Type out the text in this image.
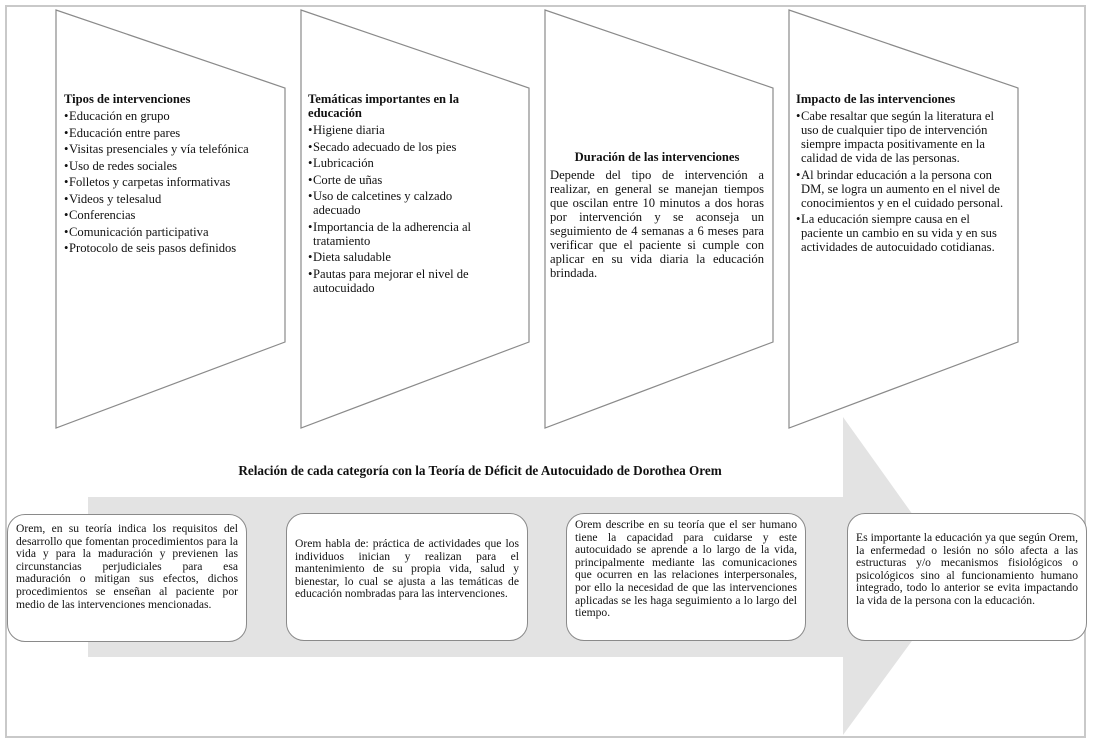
Tipos de intervenciones

• Educación en grupo
• Educación entre pares
• Visitas presenciales y vía telefónica
• Uso de redes sociales
• Folletos y carpetas informativas
• Videos y telesalud
• Conferencias
• Comunicación participativa
• Protocolo de seis pasos definidos

Temáticas importantes en la educación

• Higiene diaria
• Secado adecuado de los pies
• Lubricación
• Corte de uñas
• Uso de calcetines y calzado adecuado
• Importancia de la adherencia al tratamiento
• Dieta saludable
• Pautas para mejorar el nivel de autocuidado

Duración de las intervenciones

Depende del tipo de intervención a realizar, en general se manejan tiempos que oscilan entre 10 minutos a dos horas por intervención y se aconseja un seguimiento de 4 semanas a 6 meses para verificar que el paciente si cumple con aplicar en su vida diaria la educación brindada.

Impacto de las intervenciones

• Cabe resaltar que según la literatura el uso de cualquier tipo de intervención siempre impacta positivamente en la calidad de vida de las personas.
• Al brindar educación a la persona con DM, se logra un aumento en el nivel de conocimientos y en el cuidado personal.
• La educación siempre causa en el paciente un cambio en su vida y en sus actividades de autocuidado cotidianas.
Relación de cada categoría con la Teoría de Déficit de Autocuidado de Dorothea Orem
Orem, en su teoría indica los requisitos del desarrollo que fomentan procedimientos para la vida y para la maduración y previenen las circunstancias perjudiciales para esa maduración o mitigan sus efectos, dichos procedimientos se enseñan al paciente por medio de las intervenciones mencionadas.
Orem habla de: práctica de actividades que los individuos inician y realizan para el mantenimiento de su propia vida, salud y bienestar, lo cual se ajusta a las temáticas de educación nombradas para las intervenciones.
Orem describe en su teoría que el ser humano tiene la capacidad para cuidarse y este autocuidado se aprende a lo largo de la vida, principalmente mediante las comunicaciones que ocurren en las relaciones interpersonales, por ello la necesidad de que las intervenciones aplicadas se les haga seguimiento a lo largo del tiempo.
Es importante la educación ya que según Orem, la enfermedad o lesión no sólo afecta a las estructuras y/o mecanismos fisiológicos o psicológicos sino al funcionamiento humano integrado, todo lo anterior se evita impactando la vida de la persona con la educación.
